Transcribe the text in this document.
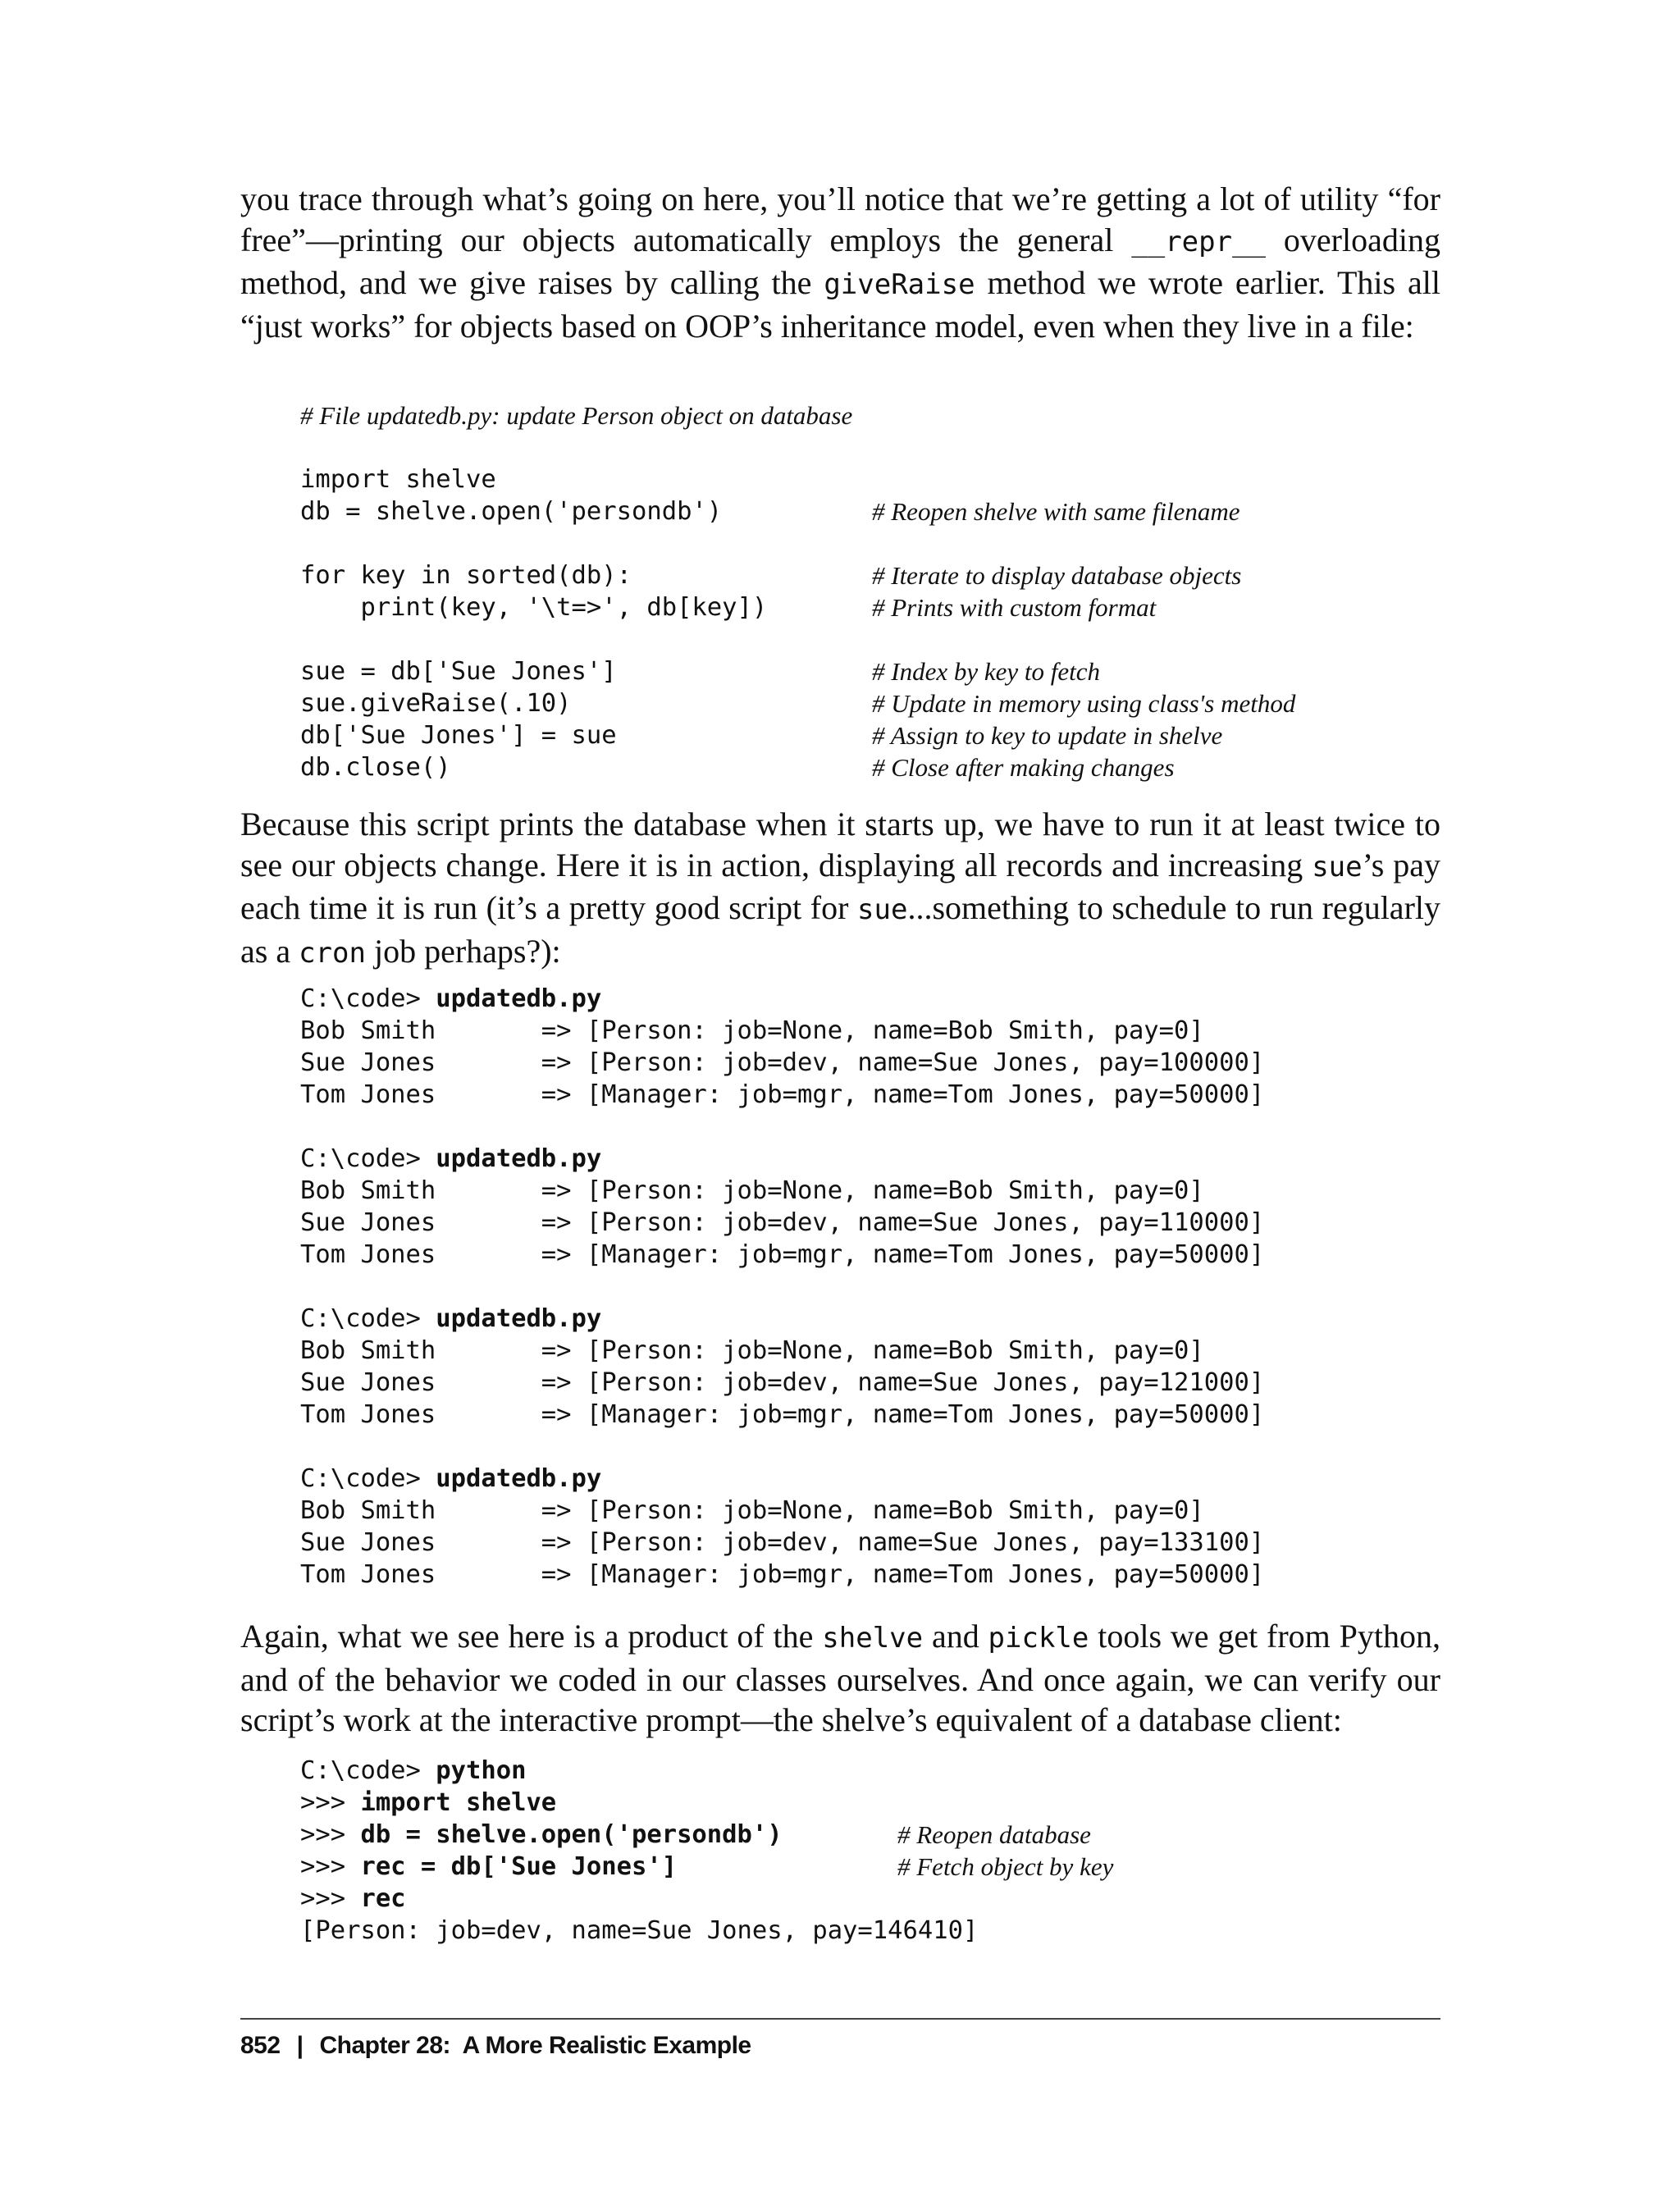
you trace through what’s going on here, you’ll notice that we’re getting a lot of utility “for free”—printing our objects automatically employs the general __repr__ overloading method, and we give raises by calling the giveRaise method we wrote earlier. This all “just works” for objects based on OOP’s inheritance model, even when they live in a file:

# File updatedb.py: update Person object on database
import shelve
db = shelve.open('persondb')	# Reopen shelve with same filename
for key in sorted(db):	# Iterate to display database objects
print(key, '\t=>', db[key])	# Prints with custom format
sue = db['Sue Jones']	# Index by key to fetch
sue.giveRaise(.10)	# Update in memory using class's method
db['Sue Jones'] = sue	# Assign to key to update in shelve
db.close()	# Close after making changes

Because this script prints the database when it starts up, we have to run it at least twice to see our objects change. Here it is in action, displaying all records and increasing sue’s pay each time it is run (it’s a pretty good script for sue...something to schedule to run regularly as a cron job perhaps?):

C:\code> updatedb.py
Bob Smith       => [Person: job=None, name=Bob Smith, pay=0]
Sue Jones       => [Person: job=dev, name=Sue Jones, pay=100000]
Tom Jones       => [Manager: job=mgr, name=Tom Jones, pay=50000]
C:\code> updatedb.py
Bob Smith       => [Person: job=None, name=Bob Smith, pay=0]
Sue Jones       => [Person: job=dev, name=Sue Jones, pay=110000]
Tom Jones       => [Manager: job=mgr, name=Tom Jones, pay=50000]
C:\code> updatedb.py
Bob Smith       => [Person: job=None, name=Bob Smith, pay=0]
Sue Jones       => [Person: job=dev, name=Sue Jones, pay=121000]
Tom Jones       => [Manager: job=mgr, name=Tom Jones, pay=50000]
C:\code> updatedb.py
Bob Smith       => [Person: job=None, name=Bob Smith, pay=0]
Sue Jones       => [Person: job=dev, name=Sue Jones, pay=133100]
Tom Jones       => [Manager: job=mgr, name=Tom Jones, pay=50000]

Again, what we see here is a product of the shelve and pickle tools we get from Python, and of the behavior we coded in our classes ourselves. And once again, we can verify our script’s work at the interactive prompt—the shelve’s equivalent of a database client:

C:\code> python
>>> import shelve
>>> db = shelve.open('persondb')	# Reopen database
>>> rec = db['Sue Jones']	# Fetch object by key
>>> rec
[Person: job=dev, name=Sue Jones, pay=146410]
852 | Chapter 28:  A More Realistic Example
